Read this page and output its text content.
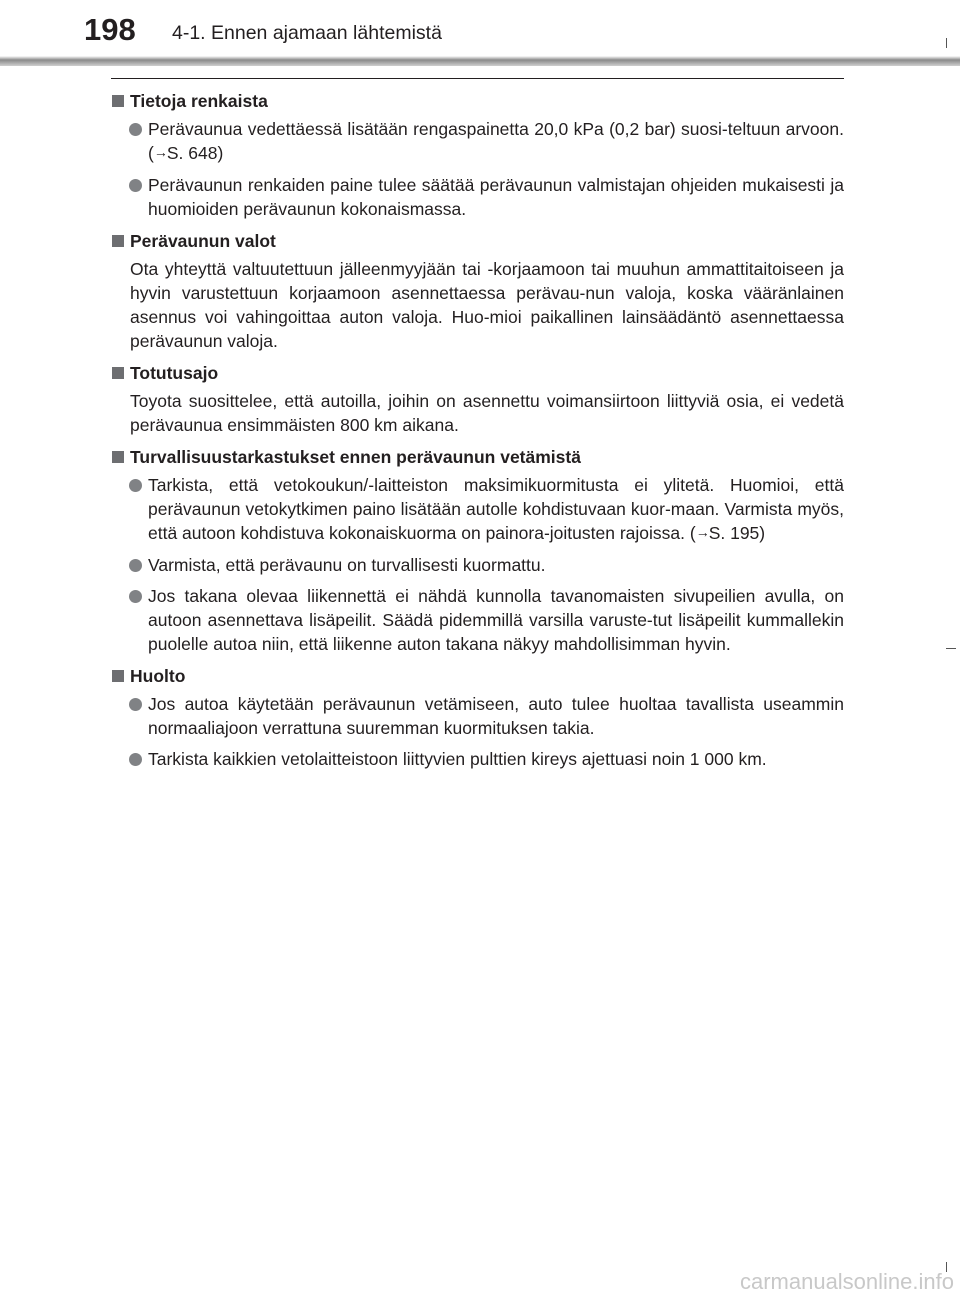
198 4-1. Ennen ajamaan lähtemistä
Tietoja renkaista
Perävaunua vedettäessä lisätään rengaspainetta 20,0 kPa (0,2 bar) suosi-teltuun arvoon. (→S. 648)
Perävaunun renkaiden paine tulee säätää perävaunun valmistajan ohjeiden mukaisesti ja huomioiden perävaunun kokonaismassa.
Perävaunun valot
Ota yhteyttä valtuutettuun jälleenmyyjään tai -korjaamoon tai muuhun ammattitaitoiseen ja hyvin varustettuun korjaamoon asennettaessa perävau-nun valoja, koska vääränlainen asennus voi vahingoittaa auton valoja. Huo-mioi paikallinen lainsäädäntö asennettaessa perävaunun valoja.
Totutusajo
Toyota suosittelee, että autoilla, joihin on asennettu voimansiirtoon liittyviä osia, ei vedetä perävaunua ensimmäisten 800 km aikana.
Turvallisuustarkastukset ennen perävaunun vetämistä
Tarkista, että vetokoukun/-laitteiston maksimikuormitusta ei ylitetä. Huomioi, että perävaunun vetokytkimen paino lisätään autolle kohdistuvaan kuor-maan. Varmista myös, että autoon kohdistuva kokonaiskuorma on painora-joitusten rajoissa. (→S. 195)
Varmista, että perävaunu on turvallisesti kuormattu.
Jos takana olevaa liikennettä ei nähdä kunnolla tavanomaisten sivupeilien avulla, on autoon asennettava lisäpeilit. Säädä pidemmillä varsilla varuste-tut lisäpeilit kummallekin puolelle autoa niin, että liikenne auton takana näkyy mahdollisimman hyvin.
Huolto
Jos autoa käytetään perävaunun vetämiseen, auto tulee huoltaa tavallista useammin normaaliajoon verrattuna suuremman kuormituksen takia.
Tarkista kaikkien vetolaitteistoon liittyvien pulttien kireys ajettuasi noin 1 000 km.
carmanualsonline.info
